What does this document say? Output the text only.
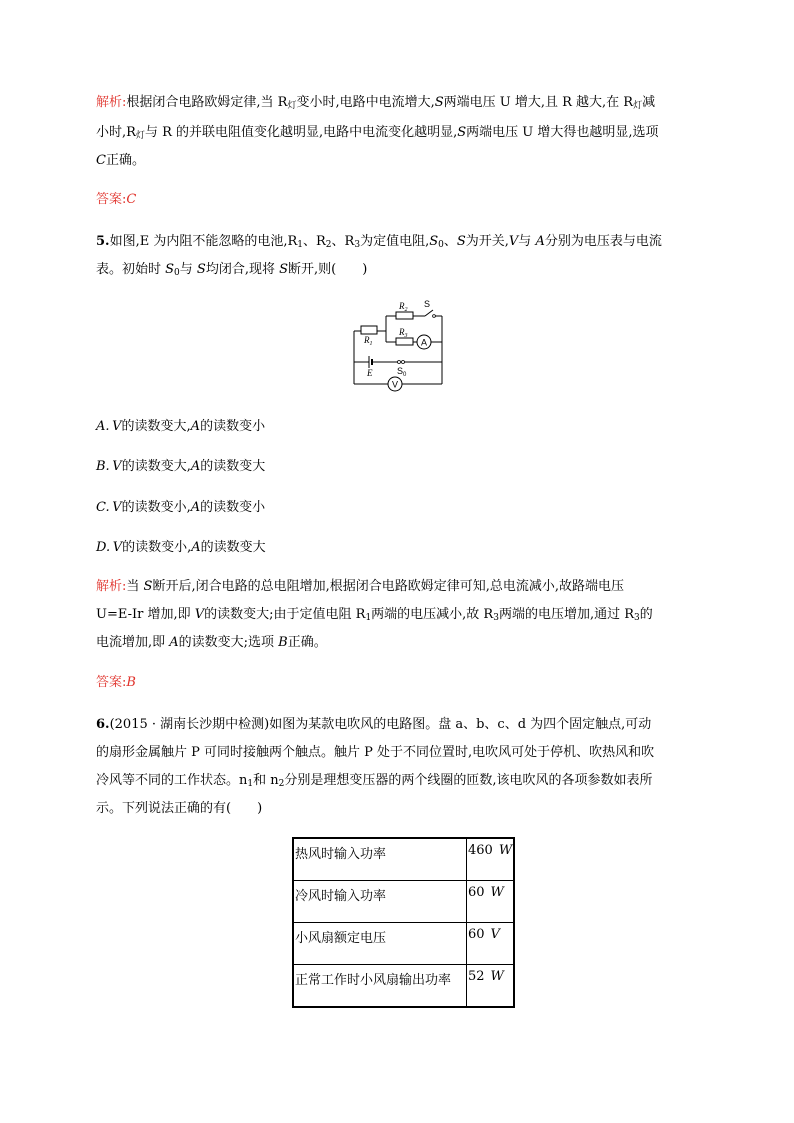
解析:根据闭合电路欧姆定律,当 $R_灯$变小时,电路中电流增大,S两端电压 U 增大,且 R 越大,在 $R_灯$减
小时$,R_灯$与 R 的并联电阻值变化越明显,电路中电流变化越明显,S两端电压 U 增大得也越明显,选项
C正确。
答案:C
5.如图,E 为内阻不能忽略的电池$,R_1$、$R_2$、$R_3$为定值电阻$,S_0$、S为开关,V与 A分别为电压表与电流
表。初始时 $S_0$与 S均闭合,现将 S断开,则(　　)
A
V
$R_1$
$R_2$
$R_3$
S
$S_0$
E
A.  V的读数变大,A的读数变小
B.  V的读数变大,A的读数变大
C.  V的读数变小,A的读数变小
D.  V的读数变小,A的读数变大
解析:当 S断开后,闭合电路的总电阻增加,根据闭合电路欧姆定律可知,总电流减小,故路端电压
U=E-Ir 增加,即 V的读数变大;由于定值电阻 $R_1$两端的电压减小,故 $R_3$两端的电压增加,通过 $R_3$的
电流增加,即 A的读数变大;选项 B正确。
答案:B
6.(2015 · 湖南长沙期中检测)如图为某款电吹风的电路图。盘 a、b、c、d 为四个固定触点,可动
的扇形金属触片 P 可同时接触两个触点。触片 P 处于不同位置时,电吹风可处于停机、吹热风和吹
冷风等不同的工作状态。$n_1$和 $n_2$分别是理想变压器的两个线圈的匝数,该电吹风的各项参数如表所
示。下列说法正确的有(　　)
热风时输入功率	460 W
冷风时输入功率	60 W
小风扇额定电压	60 V
正常工作时小风扇输出功率	52 W
